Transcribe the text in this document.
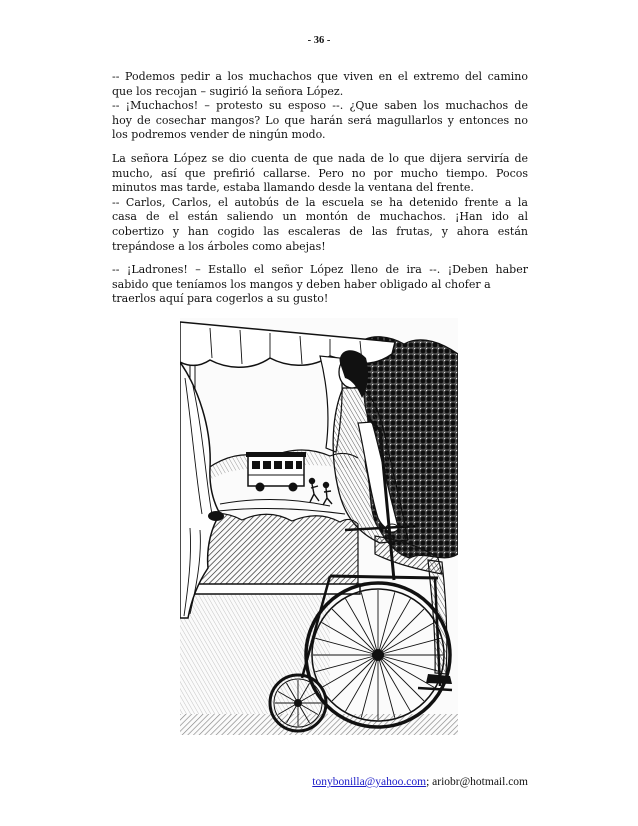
- 36 -
-- Podemos pedir a los muchachos que viven en el extremo del camino
que los recojan – sugirió la señora López.
-- ¡Muchachos! – protesto su esposo --. ¿Que saben los muchachos de
hoy de cosechar mangos? Lo que harán será magullarlos y entonces no
los podremos vender de ningún modo.
La señora López se dio cuenta de que nada de lo que dijera serviría de
mucho, así que prefirió callarse. Pero no por mucho tiempo. Pocos
minutos mas tarde, estaba llamando desde la ventana del frente.
-- Carlos, Carlos, el autobús de la escuela se ha detenido frente a la
casa de el están saliendo un montón de muchachos. ¡Han ido al
cobertizo y han cogido las escaleras de las frutas, y ahora están
trepándose a los árboles como abejas!
-- ¡Ladrones! – Estallo el señor López lleno de ira --. ¡Deben haber
sabido que teníamos los mangos y deben haber obligado al chofer a
traerlos aquí para cogerlos a su gusto!
tonybonilla@yahoo.com; ariobr@hotmail.com
